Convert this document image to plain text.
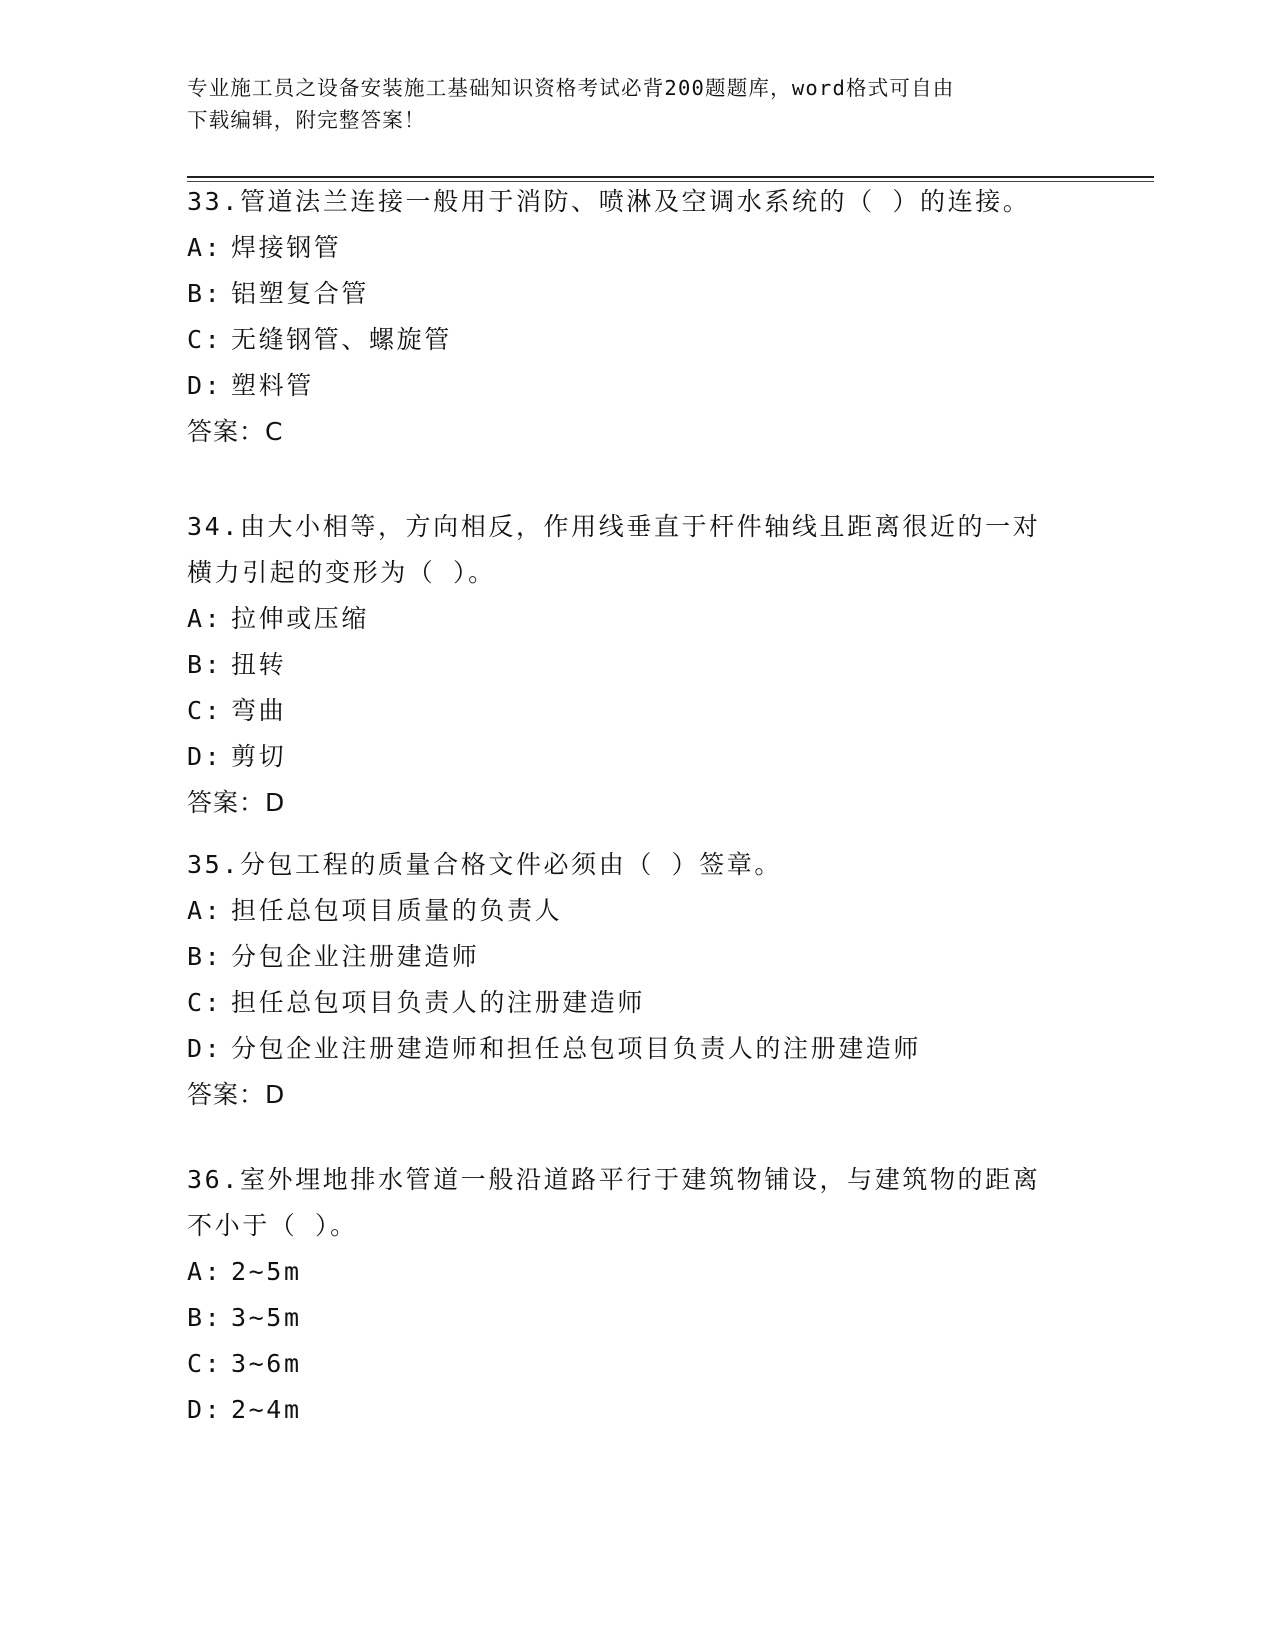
专业施工员之设备安装施工基础知识资格考试必背200题题库，word格式可自由
下载编辑，附完整答案！
33.管道法兰连接一般用于消防、喷淋及空调水系统的（ ）的连接。
A: 焊接钢管
B: 铝塑复合管
C: 无缝钢管、螺旋管
D: 塑料管
答案：C
34.由大小相等，方向相反，作用线垂直于杆件轴线且距离很近的一对
横力引起的变形为（ ）。
A: 拉伸或压缩
B: 扭转
C: 弯曲
D: 剪切
答案：D
35.分包工程的质量合格文件必须由（ ）签章。
A: 担任总包项目质量的负责人
B: 分包企业注册建造师
C: 担任总包项目负责人的注册建造师
D: 分包企业注册建造师和担任总包项目负责人的注册建造师
答案：D
36.室外埋地排水管道一般沿道路平行于建筑物铺设，与建筑物的距离
不小于（ ）。
A: 2~5m
B: 3~5m
C: 3~6m
D: 2~4m
